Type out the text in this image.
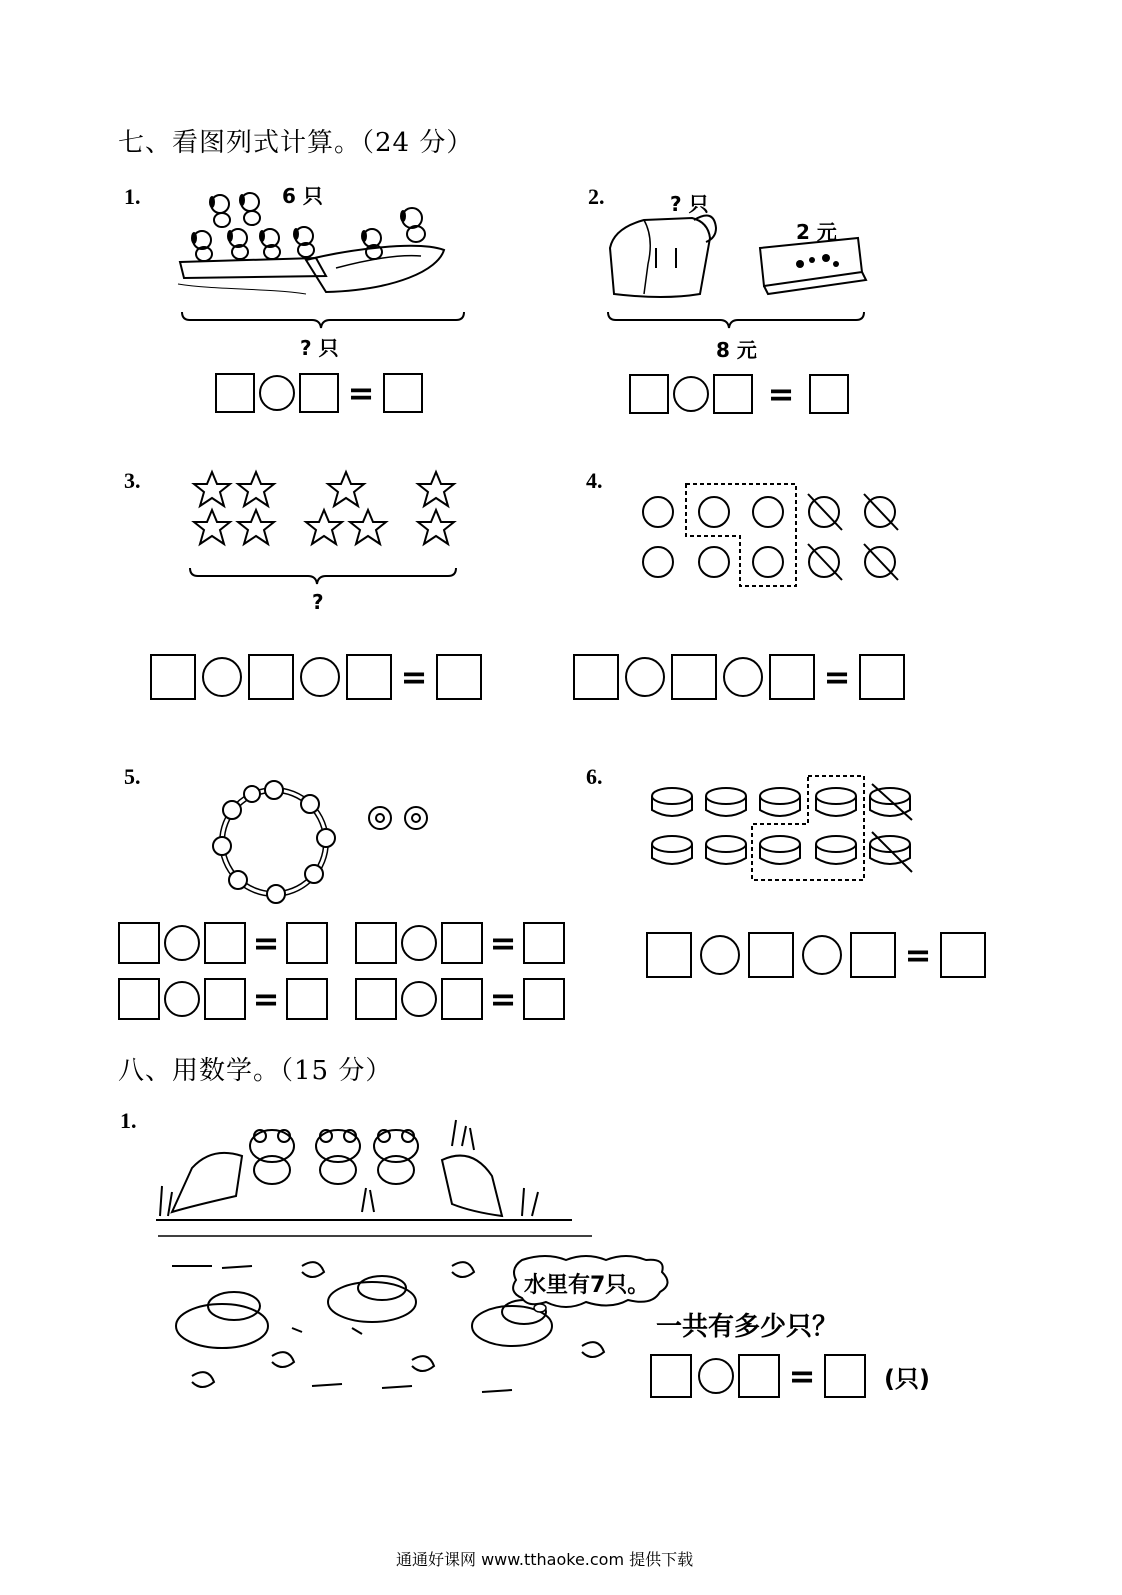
七、看图列式计算。（24 分）
1.	6 只
? 只
=
2.	? 只
2 元
8 元
=
3.
?
=
4.
=
5.
=	=
=	=
6.
=
八、用数学。（15 分）
1.
水里有7只。
一共有多少只？
=	(只)
通通好课网 www.tthaoke.com 提供下载
